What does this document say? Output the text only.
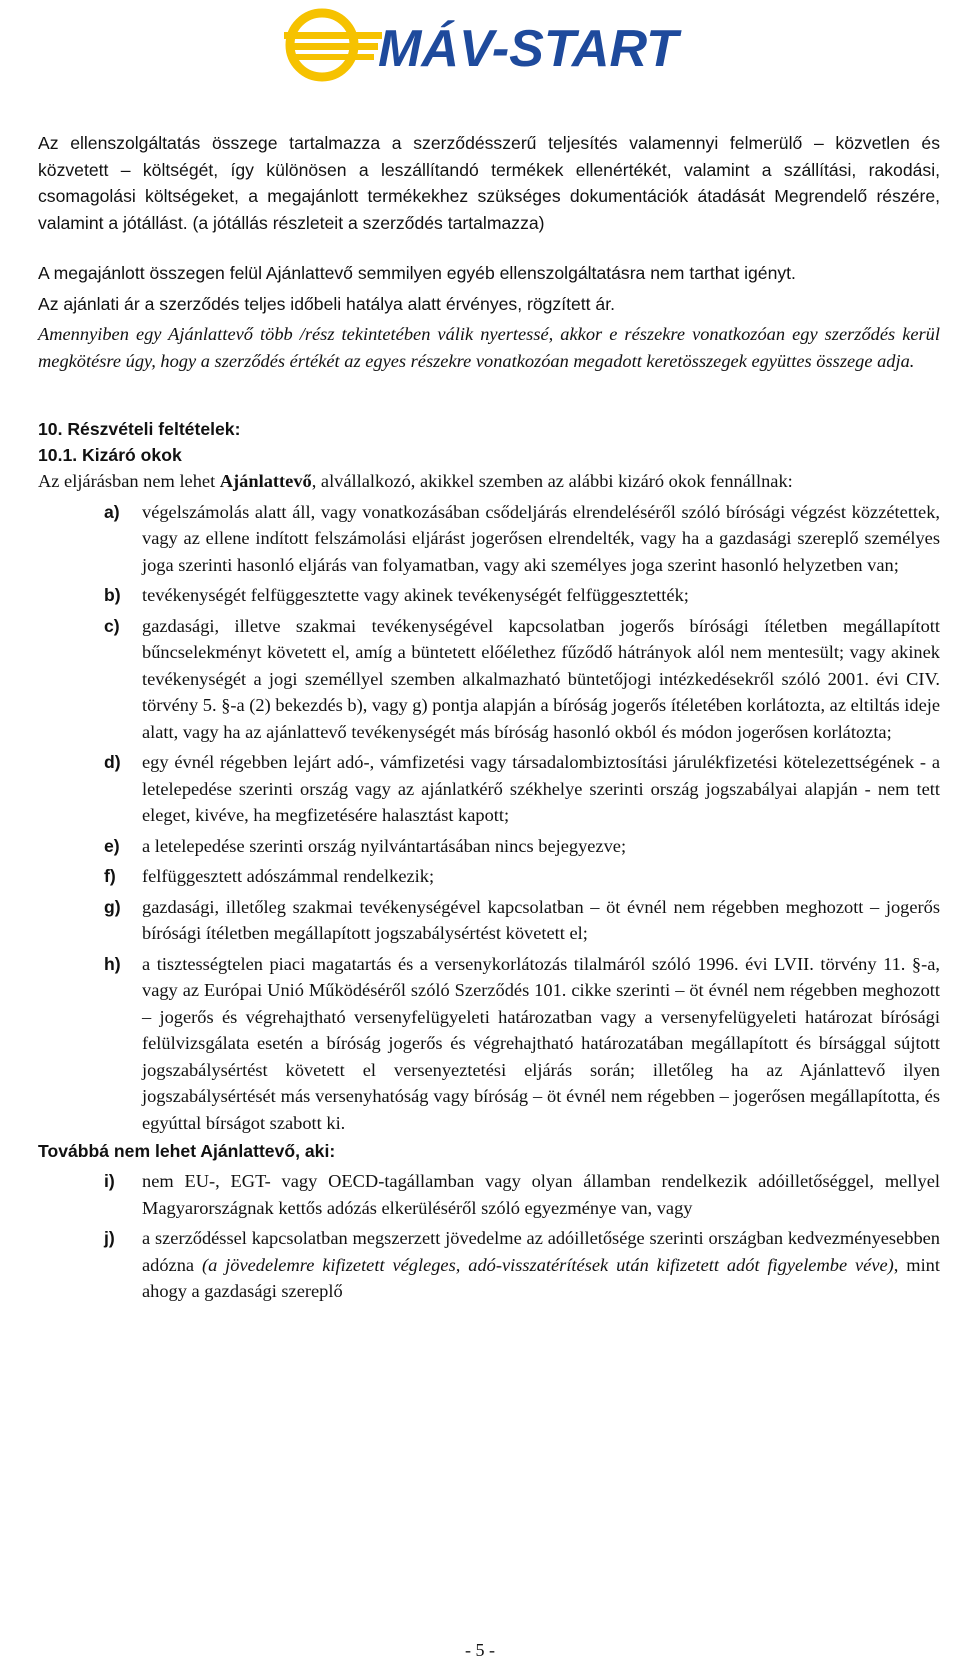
MÁV-START

Az ellenszolgáltatás összege tartalmazza a szerződésszerű teljesítés valamennyi felmerülő – közvetlen és közvetett – költségét, így különösen a leszállítandó termékek ellenértékét, valamint a szállítási, rakodási, csomagolási költségeket, a megajánlott termékekhez szükséges dokumentációk átadását Megrendelő részére, valamint a jótállást. (a jótállás részleteit a szerződés tartalmazza)

A megajánlott összegen felül Ajánlattevő semmilyen egyéb ellenszolgáltatásra nem tarthat igényt.

Az ajánlati ár a szerződés teljes időbeli hatálya alatt érvényes, rögzített ár.

Amennyiben egy Ajánlattevő több /rész tekintetében válik nyertessé, akkor e részekre vonatkozóan egy szerződés kerül megkötésre úgy, hogy a szerződés értékét az egyes részekre vonatkozóan megadott keretösszegek együttes összege adja.

10. Részvételi feltételek:
10.1. Kizáró okok

Az eljárásban nem lehet Ajánlattevő, alvállalkozó, akikkel szemben az alábbi kizáró okok fennállnak:

a) végelszámolás alatt áll, vagy vonatkozásában csődeljárás elrendeléséről szóló bírósági végzést közzétettek, vagy az ellene indított felszámolási eljárást jogerősen elrendelték, vagy ha a gazdasági szereplő személyes joga szerinti hasonló eljárás van folyamatban, vagy aki személyes joga szerint hasonló helyzetben van;

b) tevékenységét felfüggesztette vagy akinek tevékenységét felfüggesztették;

c) gazdasági, illetve szakmai tevékenységével kapcsolatban jogerős bírósági ítéletben megállapított bűncselekményt követett el, amíg a büntetett előélethez fűződő hátrányok alól nem mentesült; vagy akinek tevékenységét a jogi személlyel szemben alkalmazható büntetőjogi intézkedésekről szóló 2001. évi CIV. törvény 5. §-a (2) bekezdés b), vagy g) pontja alapján a bíróság jogerős ítéletében korlátozta, az eltiltás ideje alatt, vagy ha az ajánlattevő tevékenységét más bíróság hasonló okból és módon jogerősen korlátozta;

d) egy évnél régebben lejárt adó-, vámfizetési vagy társadalombiztosítási járulékfizetési kötelezettségének - a letelepedése szerinti ország vagy az ajánlatkérő székhelye szerinti ország jogszabályai alapján - nem tett eleget, kivéve, ha megfizetésére halasztást kapott;

e) a letelepedése szerinti ország nyilvántartásában nincs bejegyezve;

f) felfüggesztett adószámmal rendelkezik;

g) gazdasági, illetőleg szakmai tevékenységével kapcsolatban – öt évnél nem régebben meghozott – jogerős bírósági ítéletben megállapított jogszabálysértést követett el;

h) a tisztességtelen piaci magatartás és a versenykorlátozás tilalmáról szóló 1996. évi LVII. törvény 11. §-a, vagy az Európai Unió Működéséről szóló Szerződés 101. cikke szerinti – öt évnél nem régebben meghozott – jogerős és végrehajtható versenyfelügyeleti határozatban vagy a versenyfelügyeleti határozat bírósági felülvizsgálata esetén a bíróság jogerős és végrehajtható határozatában megállapított és bírsággal sújtott jogszabálysértést követett el versenyeztetési eljárás során; illetőleg ha az Ajánlattevő ilyen jogszabálysértését más versenyhatóság vagy bíróság – öt évnél nem régebben – jogerősen megállapította, és egyúttal bírságot szabott ki.

Továbbá nem lehet Ajánlattevő, aki:
i) nem EU-, EGT- vagy OECD-tagállamban vagy olyan államban rendelkezik adóilletőséggel, mellyel Magyarországnak kettős adózás elkerüléséről szóló egyezménye van, vagy

j) a szerződéssel kapcsolatban megszerzett jövedelme az adóilletősége szerinti országban kedvezményesebben adózna (a jövedelemre kifizetett végleges, adó-visszatérítések után kifizetett adót figyelembe véve), mint ahogy a gazdasági szereplő

- 5 -
